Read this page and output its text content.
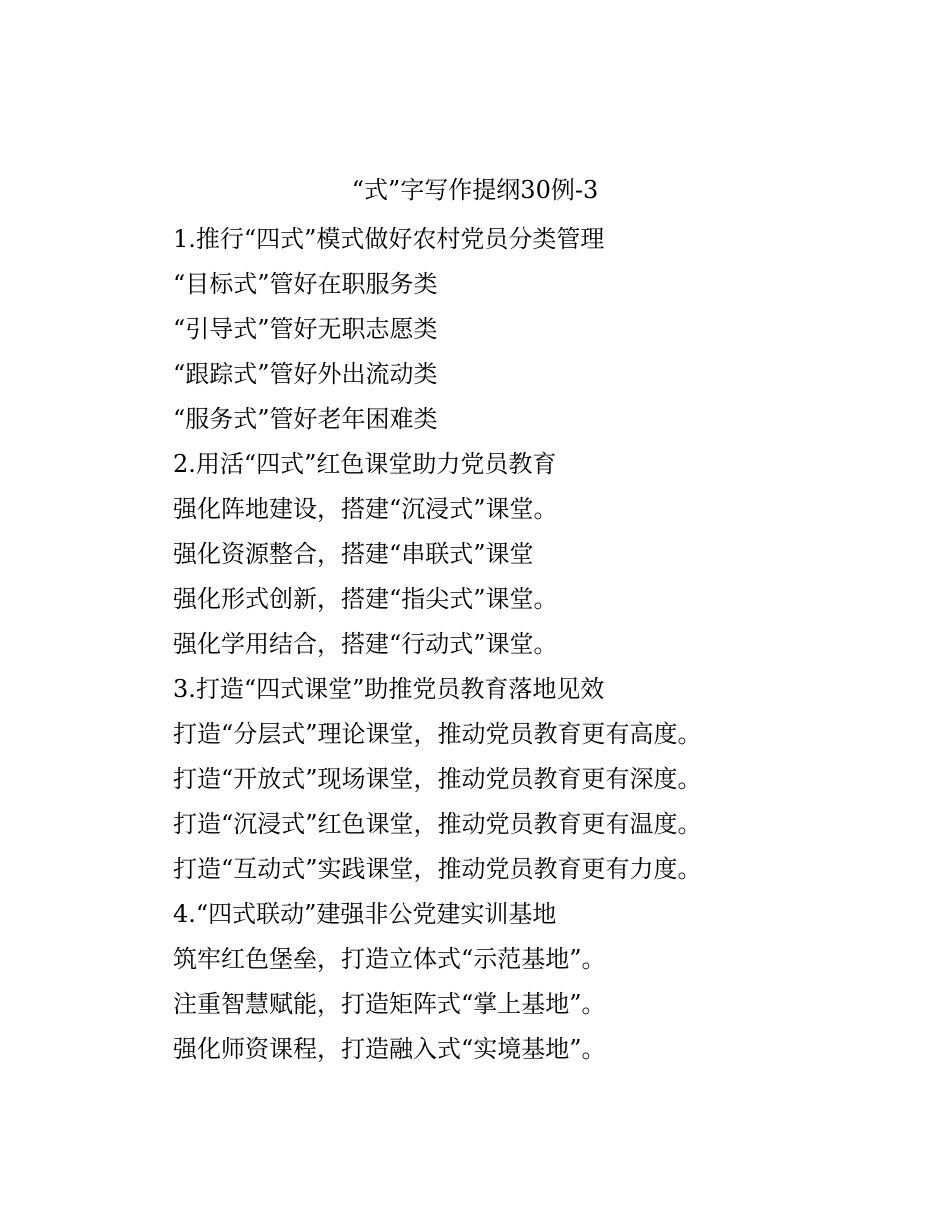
“式”字写作提纲30例-3
1.推行“四式”模式做好农村党员分类管理
“目标式”管好在职服务类
“引导式”管好无职志愿类
“跟踪式”管好外出流动类
“服务式”管好老年困难类
2.用活“四式”红色课堂助力党员教育
强化阵地建设，搭建“沉浸式”课堂。
强化资源整合，搭建“串联式”课堂
强化形式创新，搭建“指尖式”课堂。
强化学用结合，搭建“行动式”课堂。
3.打造“四式课堂”助推党员教育落地见效
打造“分层式”理论课堂，推动党员教育更有高度。
打造“开放式”现场课堂，推动党员教育更有深度。
打造“沉浸式”红色课堂，推动党员教育更有温度。
打造“互动式”实践课堂，推动党员教育更有力度。
4.“四式联动”建强非公党建实训基地
筑牢红色堡垒，打造立体式“示范基地”。
注重智慧赋能，打造矩阵式“掌上基地”。
强化师资课程，打造融入式“实境基地”。
